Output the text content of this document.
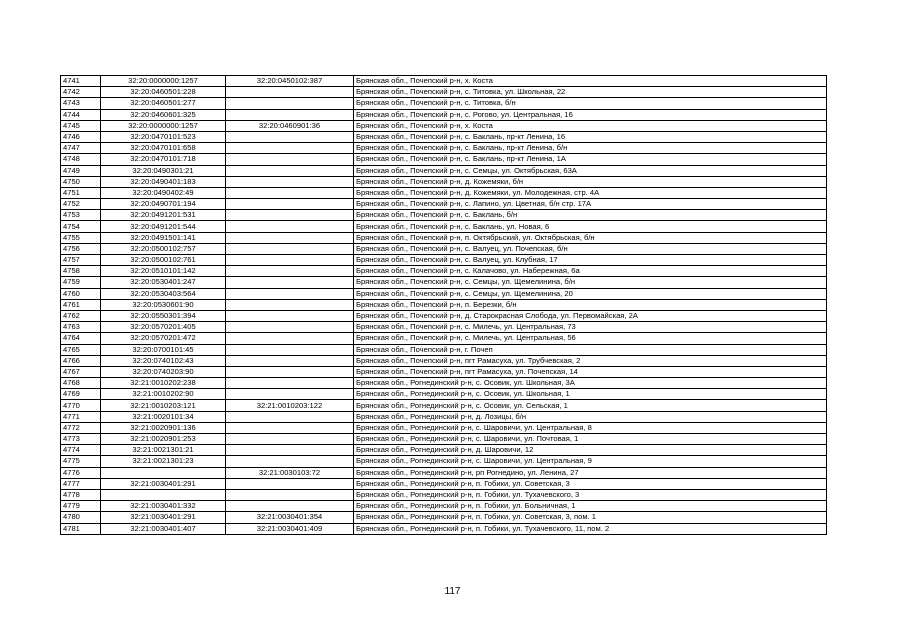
4741	32:20:0000000:1257	32:20:0450102:387	Брянская обл., Почепский р-н, х. Коста
4742	32:20:0460501:228		Брянская обл., Почепский р-н, с. Титовка, ул. Школьная, 22
4743	32:20:0460501:277		Брянская обл., Почепский р-н, с. Титовка, б/н
4744	32:20:0460601:325		Брянская обл., Почепский р-н, с. Рогово, ул. Центральная, 16
4745	32:20:0000000:1257	32:20:0460901:36	Брянская обл., Почепский р-н, х. Коста
4746	32:20:0470101:523		Брянская обл., Почепский р-н, с. Баклань, пр-кт Ленина, 16
4747	32:20:0470101:658		Брянская обл., Почепский р-н, с. Баклань, пр-кт Ленина, б/н
4748	32:20:0470101:718		Брянская обл., Почепский р-н, с. Баклань, пр-кт Ленина, 1А
4749	32:20:0490301:21		Брянская обл., Почепский р-н, с. Семцы, ул. Октябрьская, 63А
4750	32:20:0490401:183		Брянская обл., Почепский р-н, д. Кожемяки, б/н
4751	32:20:0490402:49		Брянская обл., Почепский р-н, д. Кожемяки, ул. Молодежная, стр. 4А
4752	32:20:0490701:194		Брянская обл., Почепский р-н, с. Лапино, ул. Цветная, б/н стр. 17А
4753	32:20:0491201:531		Брянская обл., Почепский р-н, с. Баклань, б/н
4754	32:20:0491201:544		Брянская обл., Почепский р-н, с. Баклань, ул. Новая, 6
4755	32:20:0491501:141		Брянская обл., Почепский р-н, п. Октябрьский, ул. Октябрьская, б/н
4756	32:20:0500102:757		Брянская обл., Почепский р-н, с. Валуец, ул. Почепская, б/н
4757	32:20:0500102:761		Брянская обл., Почепский р-н, с. Валуец, ул. Клубная, 17
4758	32:20:0510101:142		Брянская обл., Почепский р-н, с. Калачово, ул. Набережная, 6а
4759	32:20:0530401:247		Брянская обл., Почепский р-н, с. Семцы, ул. Щемелинина, б/н
4760	32:20:0530403:564		Брянская обл., Почепский р-н, с. Семцы, ул. Щемелинина, 20
4761	32:20:0530601:90		Брянская обл., Почепский р-н, п. Березки, б/н
4762	32:20:0550301:394		Брянская обл., Почепский р-н, д. Старокрасная Слобода, ул. Первомайская, 2А
4763	32:20:0570201:405		Брянская обл., Почепский р-н, с. Милечь, ул. Центральная, 73
4764	32:20:0570201:472		Брянская обл., Почепский р-н, с. Милечь, ул. Центральная, 56
4765	32:20:0700101:45		Брянская обл., Почепский р-н, г. Почеп
4766	32:20:0740102:43		Брянская обл., Почепский р-н, пгт Рамасуха, ул. Трубчевская, 2
4767	32:20:0740203:90		Брянская обл., Почепский р-н, пгт Рамасуха, ул. Почепская, 14
4768	32:21:0010202:238		Брянская обл., Рогнединский р-н, с. Осовик, ул. Школьная, 3А
4769	32:21:0010202:90		Брянская обл., Рогнединский р-н, с. Осовик, ул. Школьная, 1
4770	32:21:0010203:121	32:21:0010203:122	Брянская обл., Рогнединский р-н, с. Осовик, ул. Сельская, 1
4771	32:21:0020101:34		Брянская обл., Рогнединский р-н, д. Лозицы, б/н
4772	32:21:0020901:136		Брянская обл., Рогнединский р-н, с. Шаровичи, ул. Центральная, 8
4773	32:21:0020901:253		Брянская обл., Рогнединский р-н, с. Шаровичи, ул. Почтовая, 1
4774	32:21:0021301:21		Брянская обл., Рогнединский р-н, д. Шаровичи, 12
4775	32:21:0021301:23		Брянская обл., Рогнединский р-н, с. Шаровичи, ул. Центральная, 9
4776		32:21:0030103:72	Брянская обл., Рогнединский р-н, рп Рогнедино, ул. Ленина, 27
4777	32:21:0030401:291		Брянская обл., Рогнединский р-н, п. Гобики, ул. Советская, 3
4778			Брянская обл., Рогнединский р-н, п. Гобики, ул. Тухачевского, 3
4779	32:21:0030401:332		Брянская обл., Рогнединский р-н, п. Гобики, ул. Больничная, 1
4780	32:21:0030401:291	32:21:0030401:354	Брянская обл., Рогнединский р-н, п. Гобики, ул. Советская, 3, пом. 1
4781	32:21:0030401:407	32:21:0030401:409	Брянская обл., Рогнединский р-н, п. Гобики, ул. Тухачевского, 11, пом. 2
117
